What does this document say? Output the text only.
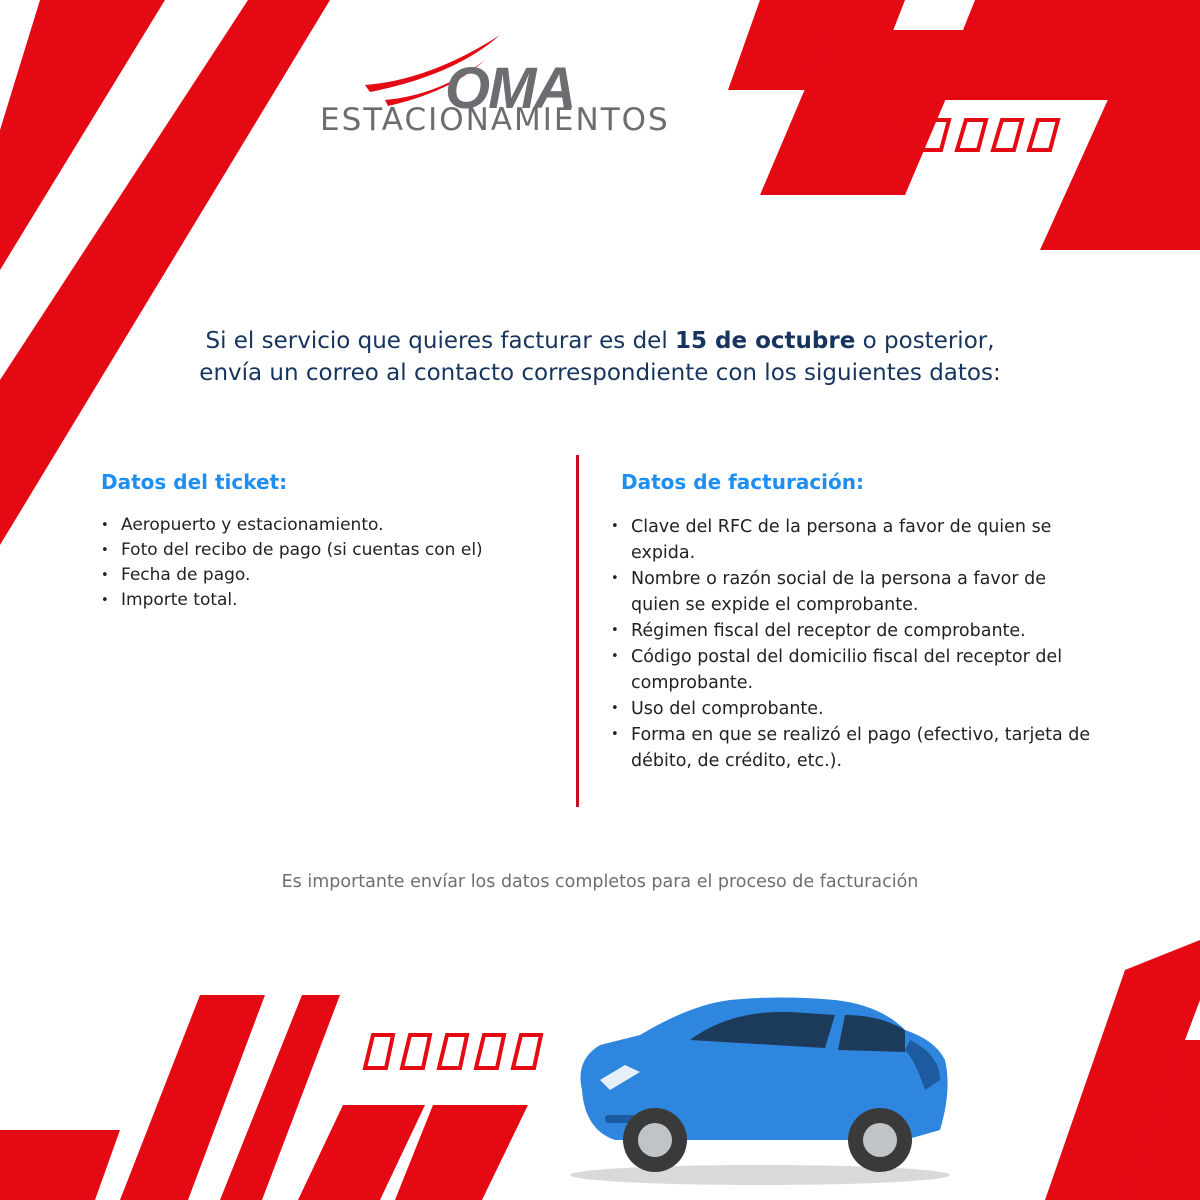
OMA
ESTACIONAMIENTOS
Si el servicio que quieres facturar es del 15 de octubre o posterior,
envía un correo al contacto correspondiente con los siguientes datos:
Datos del ticket:
• Aeropuerto y estacionamiento.
• Foto del recibo de pago (si cuentas con el)
• Fecha de pago.
• Importe total.
Datos de facturación:
• Clave del RFC de la persona a favor de quien se expida.
• Nombre o razón social de la persona a favor de quien se expide el comprobante.
• Régimen fiscal del receptor de comprobante.
• Código postal del domicilio fiscal del receptor del comprobante.
• Uso del comprobante.
• Forma en que se realizó el pago (efectivo, tarjeta de débito, de crédito, etc.).
Es importante envíar los datos completos para el proceso de facturación
